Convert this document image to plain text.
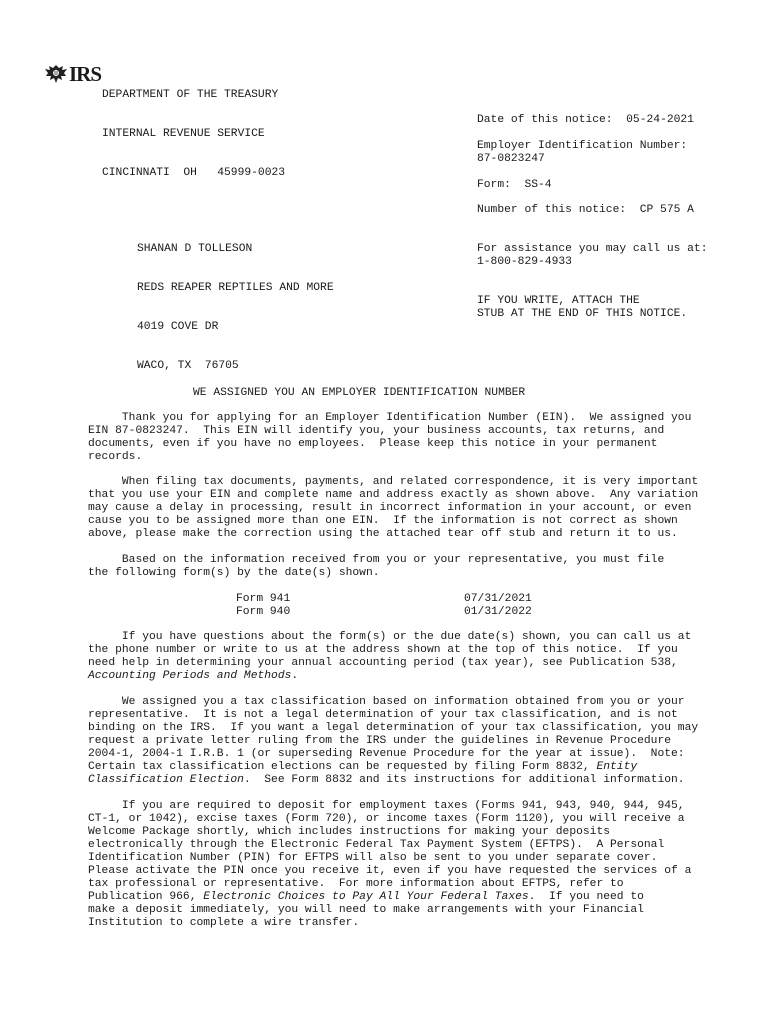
IRS

DEPARTMENT OF THE TREASURY

INTERNAL REVENUE SERVICE

CINCINNATI  OH   45999-0023

Date of this notice:  05-24-2021
Employer Identification Number:
87-0823247
Form:  SS-4
Number of this notice:  CP 575 A
For assistance you may call us at:
1-800-829-4933
IF YOU WRITE, ATTACH THE
STUB AT THE END OF THIS NOTICE.

SHANAN D TOLLESON

REDS REAPER REPTILES AND MORE

4019 COVE DR

WACO, TX  76705

WE ASSIGNED YOU AN EMPLOYER IDENTIFICATION NUMBER
Thank you for applying for an Employer Identification Number (EIN).  We assigned you
EIN 87-0823247.  This EIN will identify you, your business accounts, tax returns, and
documents, even if you have no employees.  Please keep this notice in your permanent
records.
When filing tax documents, payments, and related correspondence, it is very important
that you use your EIN and complete name and address exactly as shown above.  Any variation
may cause a delay in processing, result in incorrect information in your account, or even
cause you to be assigned more than one EIN.  If the information is not correct as shown
above, please make the correction using the attached tear off stub and return it to us.
Based on the information received from you or your representative, you must file
the following form(s) by the date(s) shown.
Form 941	07/31/2021
Form 940	01/31/2022
If you have questions about the form(s) or the due date(s) shown, you can call us at
the phone number or write to us at the address shown at the top of this notice.  If you
need help in determining your annual accounting period (tax year), see Publication 538,
Accounting Periods and Methods.
We assigned you a tax classification based on information obtained from you or your
representative.  It is not a legal determination of your tax classification, and is not
binding on the IRS.  If you want a legal determination of your tax classification, you may
request a private letter ruling from the IRS under the guidelines in Revenue Procedure
2004-1, 2004-1 I.R.B. 1 (or superseding Revenue Procedure for the year at issue).  Note:
Certain tax classification elections can be requested by filing Form 8832, Entity
Classification Election.  See Form 8832 and its instructions for additional information.
If you are required to deposit for employment taxes (Forms 941, 943, 940, 944, 945,
CT-1, or 1042), excise taxes (Form 720), or income taxes (Form 1120), you will receive a
Welcome Package shortly, which includes instructions for making your deposits
electronically through the Electronic Federal Tax Payment System (EFTPS).  A Personal
Identification Number (PIN) for EFTPS will also be sent to you under separate cover.
Please activate the PIN once you receive it, even if you have requested the services of a
tax professional or representative.  For more information about EFTPS, refer to
Publication 966, Electronic Choices to Pay All Your Federal Taxes.  If you need to
make a deposit immediately, you will need to make arrangements with your Financial
Institution to complete a wire transfer.
